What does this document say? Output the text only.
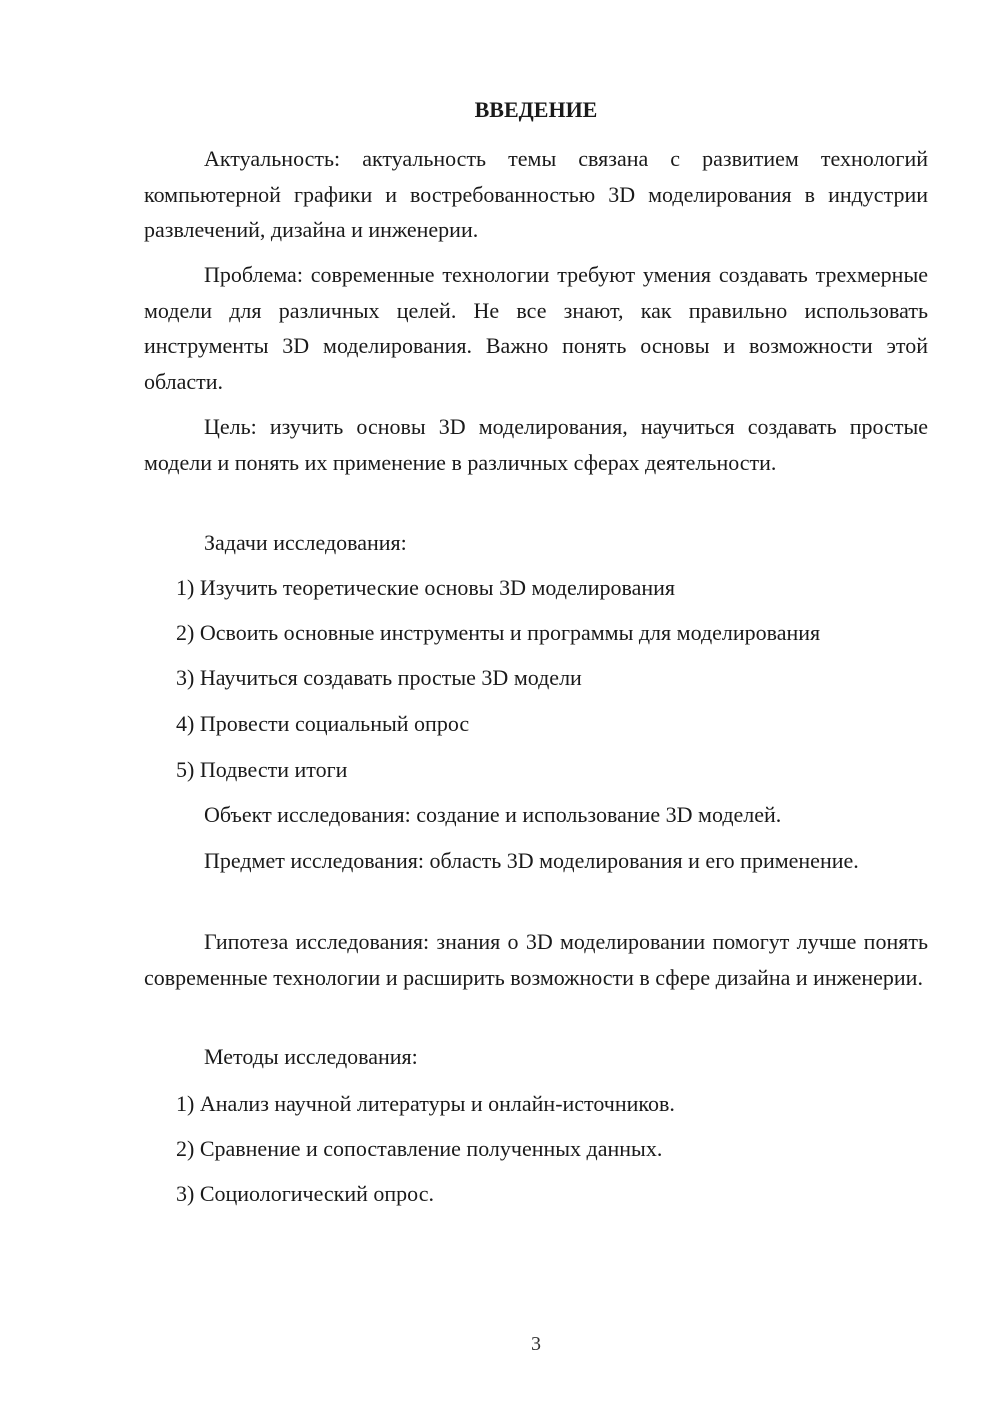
ВВЕДЕНИЕ
Актуальность: актуальность темы связана с развитием технологий компьютерной графики и востребованностью 3D моделирования в индустрии развлечений, дизайна и инженерии.
Проблема: современные технологии требуют умения создавать трехмерные модели для различных целей. Не все знают, как правильно использовать инструменты 3D моделирования. Важно понять основы и возможности этой области.
Цель: изучить основы 3D моделирования, научиться создавать простые модели и понять их применение в различных сферах деятельности.
Задачи исследования:
1) Изучить теоретические основы 3D моделирования
2) Освоить основные инструменты и программы для моделирования
3) Научиться создавать простые 3D модели
4) Провести социальный опрос
5) Подвести итоги
Объект исследования: создание и использование 3D моделей.
Предмет исследования: область 3D моделирования и его применение.
Гипотеза исследования: знания о 3D моделировании помогут лучше понять современные технологии и расширить возможности в сфере дизайна и инженерии.
Методы исследования:
1) Анализ научной литературы и онлайн-источников.
2) Сравнение и сопоставление полученных данных.
3) Социологический опрос.
3
